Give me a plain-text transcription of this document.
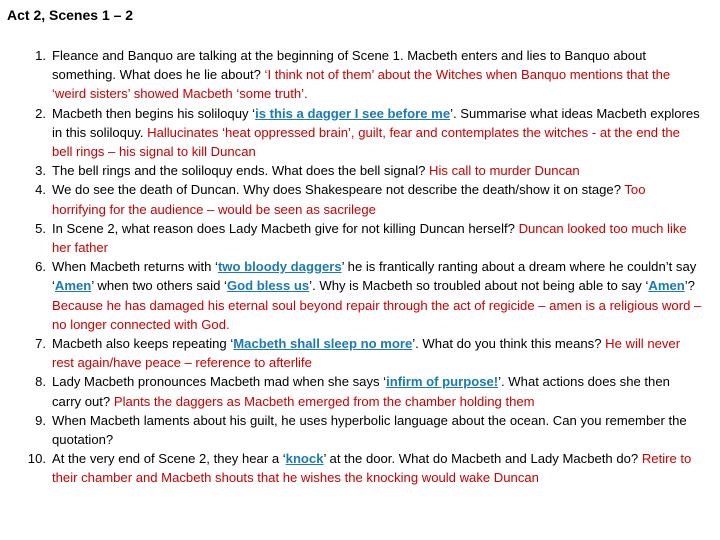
Act 2, Scenes 1 – 2
1. Fleance and Banquo are talking at the beginning of Scene 1. Macbeth enters and lies to Banquo about something. What does he lie about? ‘I think not of them’ about the Witches when Banquo mentions that the ‘weird sisters’ showed Macbeth ‘some truth’.
2. Macbeth then begins his soliloquy ‘is this a dagger I see before me’. Summarise what ideas Macbeth explores in this soliloquy. Hallucinates ‘heat oppressed brain’, guilt, fear and contemplates the witches - at the end the bell rings – his signal to kill Duncan
3. The bell rings and the soliloquy ends. What does the bell signal? His call to murder Duncan
4. We do see the death of Duncan. Why does Shakespeare not describe the death/show it on stage? Too horrifying for the audience – would be seen as sacrilege
5. In Scene 2, what reason does Lady Macbeth give for not killing Duncan herself? Duncan looked too much like her father
6. When Macbeth returns with ‘two bloody daggers’ he is frantically ranting about a dream where he couldn’t say ‘Amen’ when two others said ‘God bless us’. Why is Macbeth so troubled about not being able to say ‘Amen’? Because he has damaged his eternal soul beyond repair through the act of regicide – amen is a religious word – no longer connected with God.
7. Macbeth also keeps repeating ‘Macbeth shall sleep no more’. What do you think this means? He will never rest again/have peace – reference to afterlife
8. Lady Macbeth pronounces Macbeth mad when she says ‘infirm of purpose!’. What actions does she then carry out? Plants the daggers as Macbeth emerged from the chamber holding them
9. When Macbeth laments about his guilt, he uses hyperbolic language about the ocean. Can you remember the quotation?
10. At the very end of Scene 2, they hear a ‘knock’ at the door. What do Macbeth and Lady Macbeth do? Retire to their chamber and Macbeth shouts that he wishes the knocking would wake Duncan
